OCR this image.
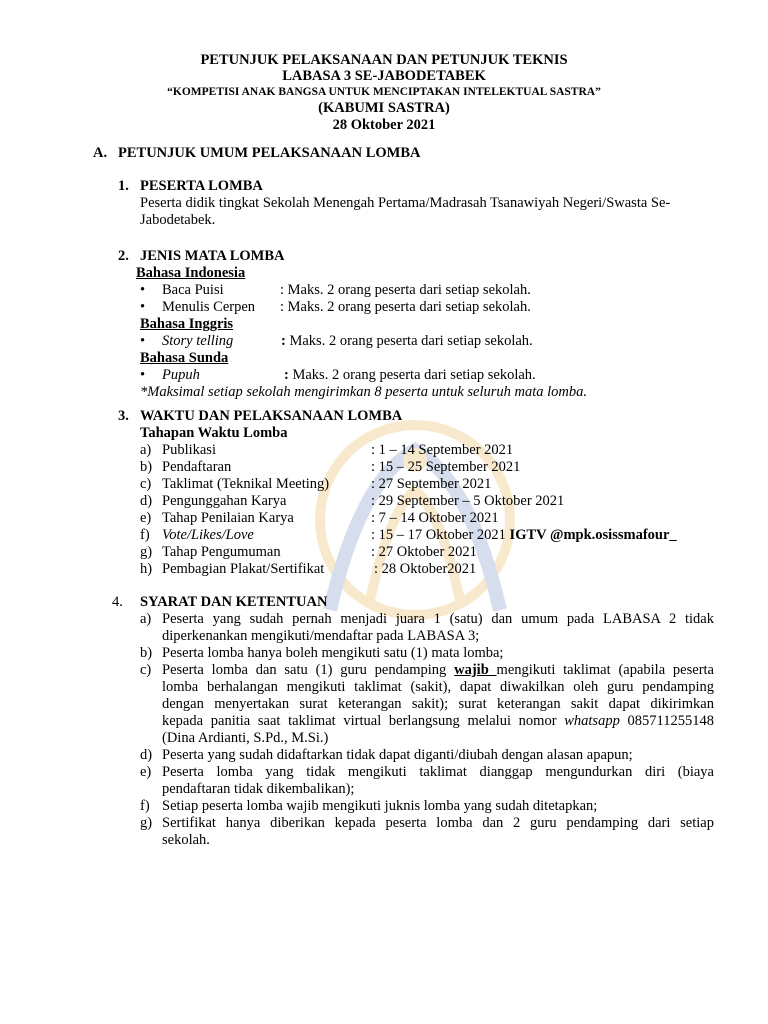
PETUNJUK PELAKSANAAN DAN PETUNJUK TEKNIS
LABASA 3 SE-JABODETABEK
“KOMPETISI ANAK BANGSA UNTUK MENCIPTAKAN INTELEKTUAL SASTRA”
(KABUMI SASTRA)
28 Oktober 2021
A. PETUNJUK UMUM PELAKSANAAN LOMBA
1. PESERTA LOMBA
Peserta didik tingkat Sekolah Menengah Pertama/Madrasah Tsanawiyah Negeri/Swasta Se-
Jabodetabek.
2. JENIS MATA LOMBA
Bahasa Indonesia
• Baca Puisi	: Maks. 2 orang peserta dari setiap sekolah.
• Menulis Cerpen : Maks. 2 orang peserta dari setiap sekolah.
Bahasa Inggris
• Story telling	: Maks. 2 orang peserta dari setiap sekolah.
Bahasa Sunda
• Pupuh	: Maks. 2 orang peserta dari setiap sekolah.
*Maksimal setiap sekolah mengirimkan 8 peserta untuk seluruh mata lomba.
3. WAKTU DAN PELAKSANAAN LOMBA
Tahapan Waktu Lomba
a) Publikasi	: 1 – 14 September 2021
b) Pendaftaran	: 15 – 25 September 2021
c) Taklimat (Teknikal Meeting)	: 27 September 2021
d) Pengunggahan Karya	: 29 September – 5 Oktober 2021
e) Tahap Penilaian Karya	: 7 – 14 Oktober 2021
f) Vote/Likes/Love	: 15 – 17 Oktober 2021 IGTV @mpk.osissmafour_
g) Tahap Pengumuman	: 27 Oktober 2021
h) Pembagian Plakat/Sertifikat	: 28 Oktober2021
4. SYARAT DAN KETENTUAN
a) Peserta yang sudah pernah menjadi juara 1 (satu) dan umum pada LABASA 2 tidak
diperkenankan mengikuti/mendaftar pada LABASA 3;
b) Peserta lomba hanya boleh mengikuti satu (1) mata lomba;
c) Peserta lomba dan satu (1) guru pendamping wajib mengikuti taklimat (apabila peserta
lomba berhalangan mengikuti taklimat (sakit), dapat diwakilkan oleh guru pendamping
dengan menyertakan surat keterangan sakit); surat keterangan sakit dapat dikirimkan
kepada panitia saat taklimat virtual berlangsung melalui nomor whatsapp 085711255148
(Dina Ardianti, S.Pd., M.Si.)
d) Peserta yang sudah didaftarkan tidak dapat diganti/diubah dengan alasan apapun;
e) Peserta lomba yang tidak mengikuti taklimat dianggap mengundurkan diri (biaya
pendaftaran tidak dikembalikan);
f) Setiap peserta lomba wajib mengikuti juknis lomba yang sudah ditetapkan;
g) Sertifikat hanya diberikan kepada peserta lomba dan 2 guru pendamping dari setiap
sekolah.
